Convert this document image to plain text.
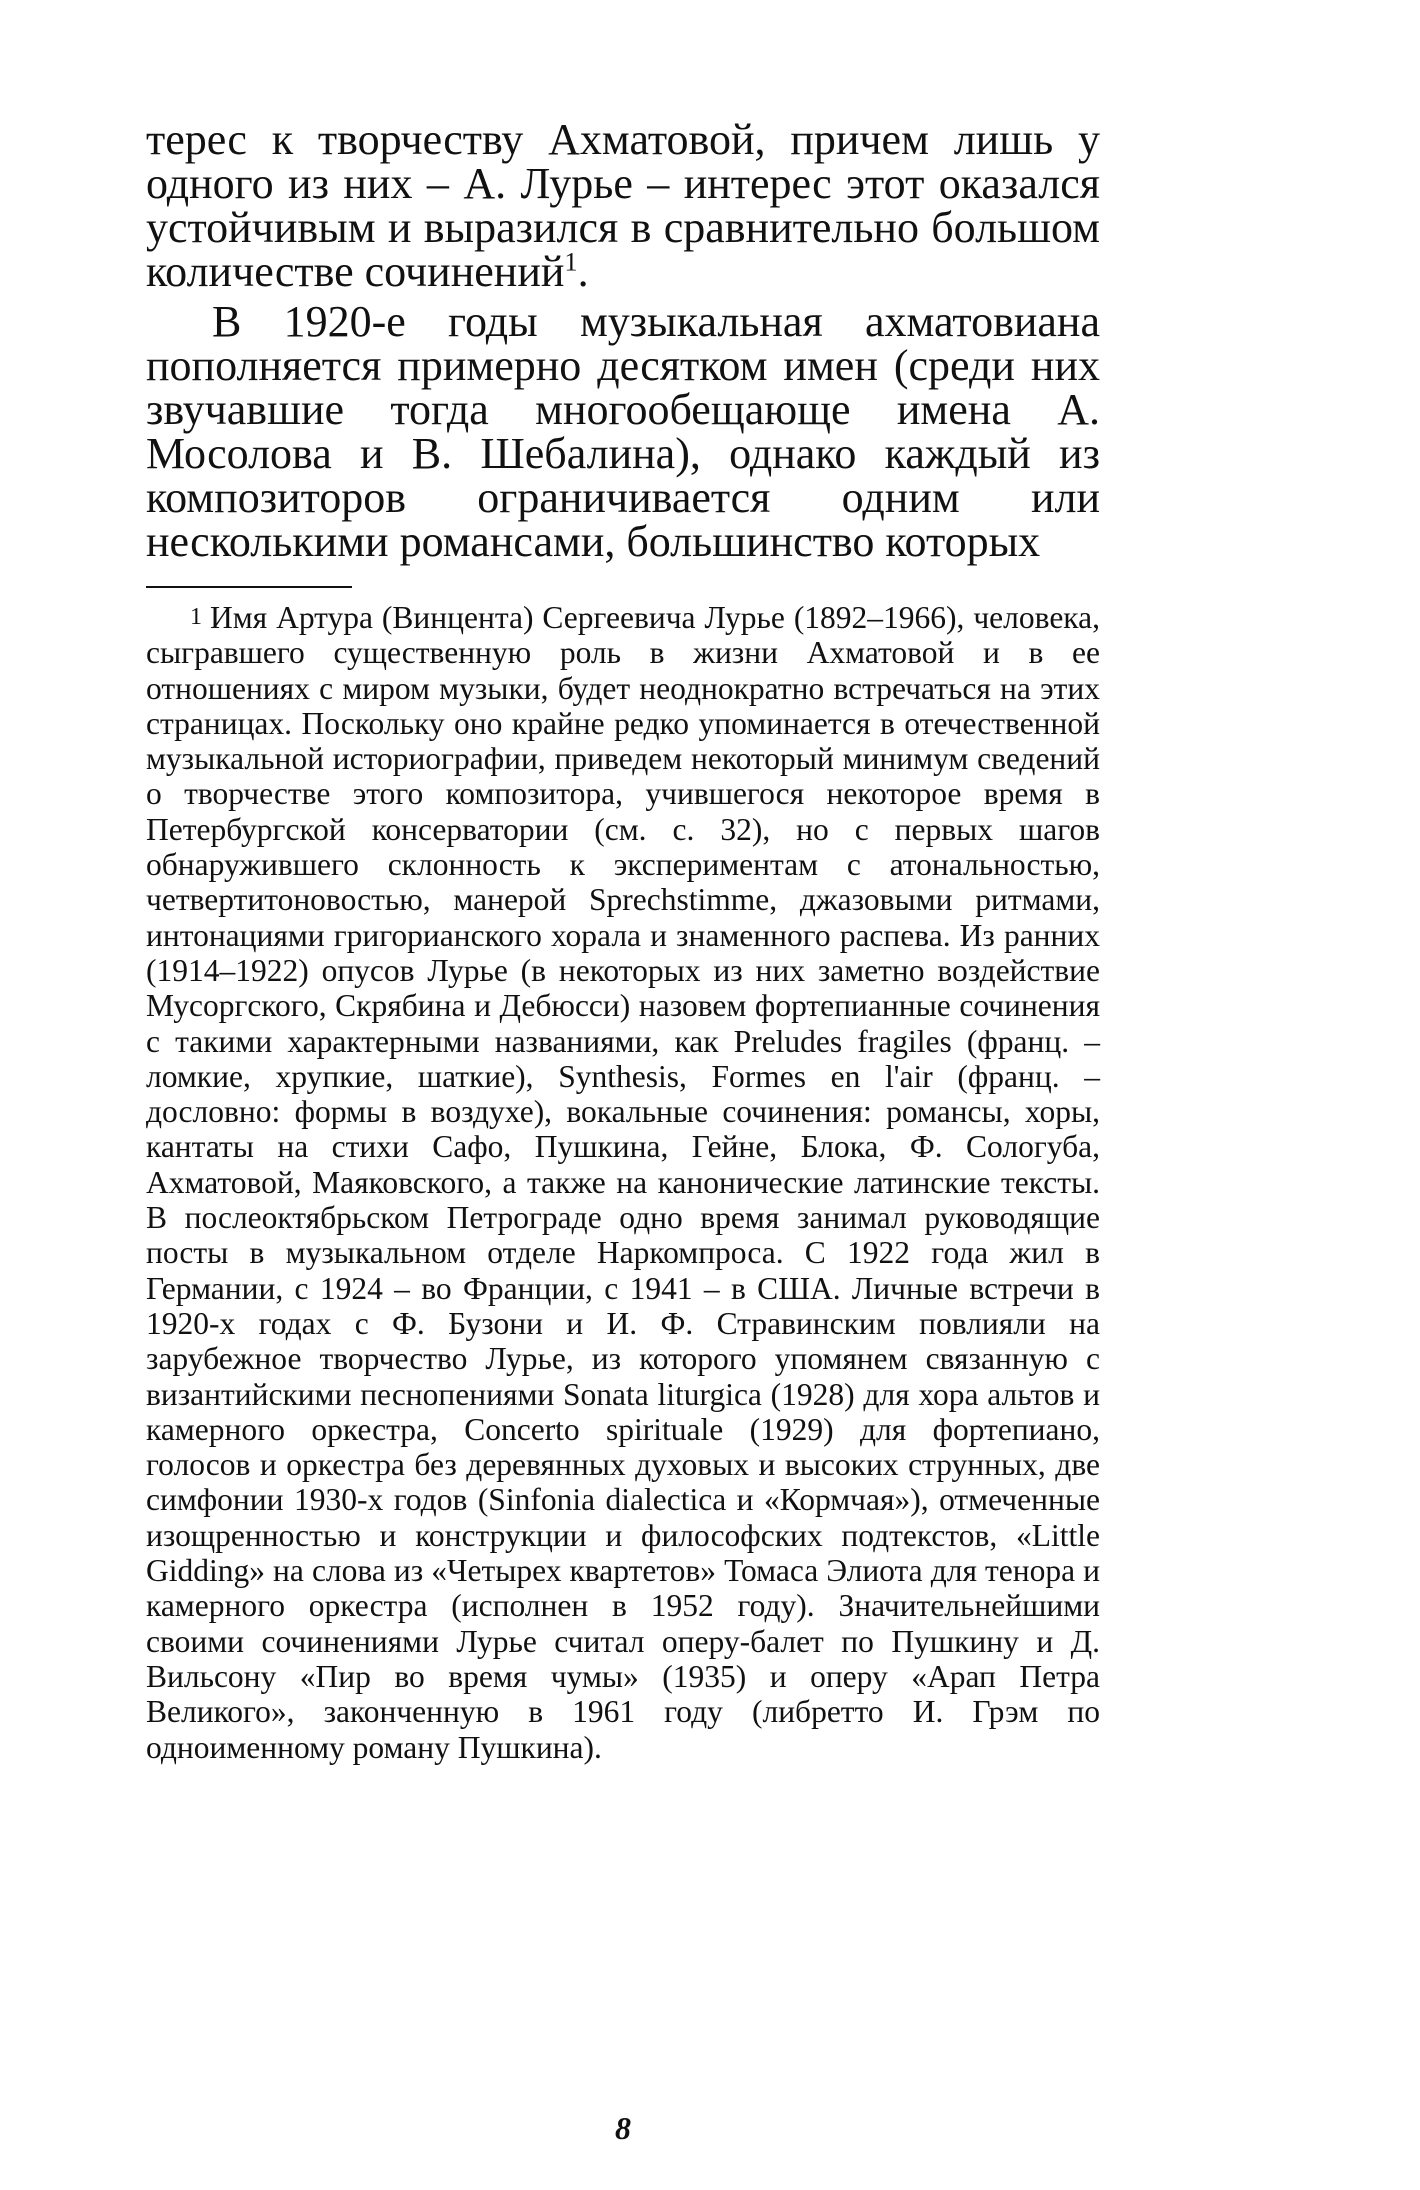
терес к творчеству Ахматовой, причем лишь у одного из них – А. Лурье – интерес этот оказался устойчивым и выразился в сравнительно большом количестве сочинений$^1$.

В 1920-е годы музыкальная ахматовиана пополняется примерно десятком имен (среди них звучавшие тогда многообещающе имена А. Мосолова и В. Шебалина), однако каждый из композиторов ограничивается одним или несколькими романсами, большинство которых

1 Имя Артура (Винцента) Сергеевича Лурье (1892–1966), человека, сыгравшего существенную роль в жизни Ахматовой и в ее отношениях с миром музыки, будет неоднократно встречаться на этих страницах. Поскольку оно крайне редко упоминается в отечественной музыкальной историографии, приведем некоторый минимум сведений о творчестве этого композитора, учившегося некоторое время в Петербургской консерватории (см. с. 32), но с первых шагов обнаружившего склонность к экспериментам с атональностью, четвертитоновостью, манерой Sprechstimme, джазовыми ритмами, интонациями григорианского хорала и знаменного распева. Из ранних (1914–1922) опусов Лурье (в некоторых из них заметно воздействие Мусоргского, Скрябина и Дебюсси) назовем фортепианные сочинения с такими характерными названиями, как Preludes fragiles (франц. – ломкие, хрупкие, шаткие), Synthesis, Formes en l'air (франц. – дословно: формы в воздухе), вокальные сочинения: романсы, хоры, кантаты на стихи Сафо, Пушкина, Гейне, Блока, Ф. Сологуба, Ахматовой, Маяковского, а также на канонические латинские тексты. В послеоктябрьском Петрограде одно время занимал руководящие посты в музыкальном отделе Наркомпроса. С 1922 года жил в Германии, с 1924 – во Франции, с 1941 – в США. Личные встречи в 1920-х годах с Ф. Бузони и И. Ф. Стравинским повлияли на зарубежное творчество Лурье, из которого упомянем связанную с византийскими песнопениями Sonata liturgica (1928) для хора альтов и камерного оркестра, Concerto spirituale (1929) для фортепиано, голосов и оркестра без деревянных духовых и высоких струнных, две симфонии 1930-х годов (Sinfonia dialectica и «Кормчая»), отмеченные изощренностью и конструкции и философских подтекстов, «Little Gidding» на слова из «Четырех квартетов» Томаса Элиота для тенора и камерного оркестра (исполнен в 1952 году). Значительнейшими своими сочинениями Лурье считал оперу-балет по Пушкину и Д. Вильсону «Пир во время чумы» (1935) и оперу «Арап Петра Великого», законченную в 1961 году (либретто И. Грэм по одноименному роману Пушкина).

8
